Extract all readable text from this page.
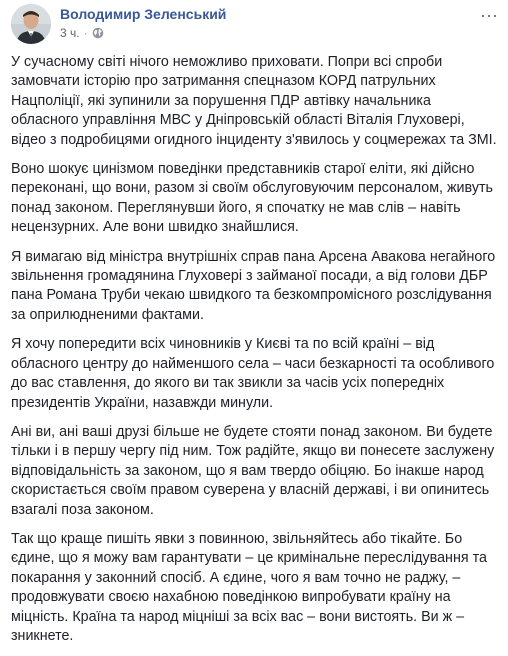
Володимир Зеленський
3 ч. ·
···

У сучасному світі нічого неможливо приховати. Попри всі спроби замовчати історію про затримання спецназом КОРД патрульних Нацполіції, які зупинили за порушення ПДР автівку начальника обласного управління МВС у Дніпровській області Віталія Глуховері, відео з подробицями огидного інциденту з'явилось у соцмережах та ЗМІ.

Воно шокує цинізмом поведінки представників старої еліти, які дійсно переконані, що вони, разом зі своїм обслуговуючим персоналом, живуть понад законом. Переглянувши його, я спочатку не мав слів – навіть нецензурних. Але вони швидко знайшлися.

Я вимагаю від міністра внутрішніх справ пана Арсена Авакова негайного звільнення громадянина Глуховері з займаної посади, а від голови ДБР пана Романа Труби чекаю швидкого та безкомпромісного розслідування за оприлюдненими фактами.

Я хочу попередити всіх чиновників у Києві та по всій країні – від обласного центру до найменшого села – часи безкарності та особливого до вас ставлення, до якого ви так звикли за часів усіх попередніх президентів України, назавжди минули.

Ані ви, ані ваші друзі більше не будете стояти понад законом. Ви будете тільки і в першу чергу під ним. Тож радійте, якщо ви понесете заслужену відповідальність за законом, що я вам твердо обіцяю. Бо інакше народ скористається своїм правом суверена у власній державі, і ви опинитесь взагалі поза законом.

Так що краще пишіть явки з повинною, звільняйтесь або тікайте. Бо єдине, що я можу вам гарантувати – це кримінальне переслідування та покарання у законний спосіб. А єдине, чого я вам точно не раджу, – продовжувати своєю нахабною поведінкою випробувати країну на міцність. Країна та народ міцніші за всіх вас – вони вистоять. Ви ж – зникнете.
